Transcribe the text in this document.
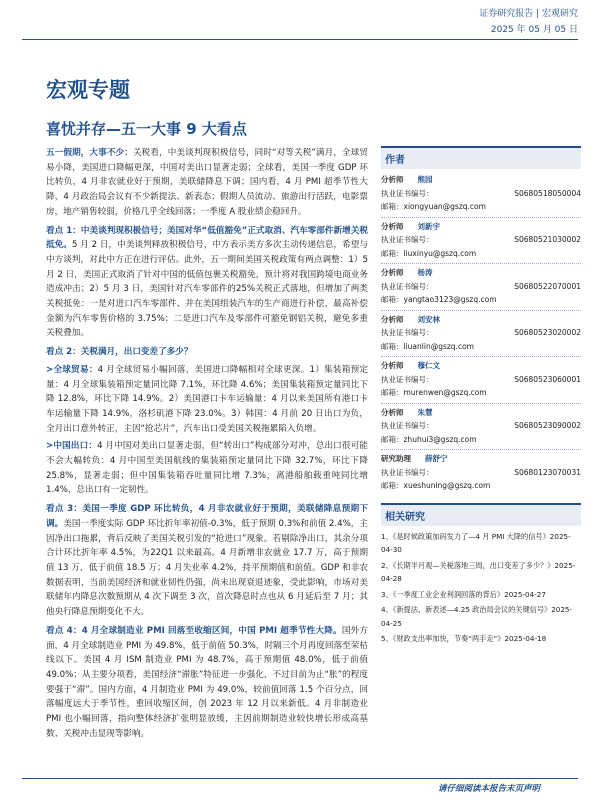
证券研究报告 | 宏观研究
2025 年 05 月 05 日
宏观专题
喜忧并存—五一大事 9 大看点

五一假期，大事不少：关税看，中美谈判现积极信号，同时“对等关税”满月，全球贸易小降，美国进口降幅更深，中国对美出口显著走弱；全球看，美国一季度 GDP 环比转负，4 月非农就业好于预期，美联储降息下调；国内看，4 月 PMI 超季节性大降，4 月政治局会议有不少新提法、新表态；假期人员流动、旅游出行活跃，电影票房，地产销售较弱，价格几乎全线回落；一季度 A 股业绩企稳回升。

看点 1：中美谈判现积极信号；美国对华“低值豁免”正式取消、汽车零部件新增关税抵免。5 月 2 日，中美谈判释放积极信号，中方表示美方多次主动传递信息，希望与中方谈判，对此中方正在进行评估。此外，五一期间美国关税政策有两点调整：1）5 月 2 日，美国正式取消了针对中国的低值包裹关税豁免，预计将对我国跨境电商业务造成冲击；2）5 月 3 日，美国针对汽车零部件的25%关税正式落地，但增加了两类关税抵免：一是对进口汽车零部件、并在美国组装汽车的生产商进行补偿，最高补偿金额为汽车零售价格的 3.75%；二是进口汽车及零部件可豁免钢铝关税，避免多重关税叠加。

看点 2：关税满月，出口变差了多少？

>全球贸易：4 月全球贸易小幅回落，美国进口降幅相对全球更深。1）集装箱预定量：4 月全球集装箱预定量同比降 7.1%，环比降 4.6%；美国集装箱预定量同比下降 12.8%，环比下降 14.9%。2）美国港口卡车运输量：4 月以来美国所有港口卡车运输量下降 14.9%，洛杉矶港下降 23.0%。3）韩国：4 月前 20 日出口为负，全月出口意外转正，主因“抢芯片”，汽车出口受美国关税拖累陷入负增。

>中国出口：4 月中国对美出口显著走弱，但“转出口”构成部分对冲，总出口很可能不会大幅转负：4 月中国至美国航线的集装箱预定量同比下降 32.7%，环比下降 25.8%，显著走弱；但中国集装箱吞吐量同比增 7.3%，离港船舶载重吨同比增 1.4%，总出口有一定韧性。

看点 3：美国一季度 GDP 环比转负，4 月非农就业好于预期，美联储降息预期下调。美国一季度实际 GDP 环比折年率初值-0.3%，低于预期 0.3%和前值 2.4%，主因净出口拖累，背后反映了美国关税引发的“抢进口”现象。若剔除净出口，其余分项合计环比折年率 4.5%，为22Q1 以来最高。4 月新增非农就业 17.7 万，高于预期值 13 万，低于前值 18.5 万；4 月失业率 4.2%，持平预期值和前值。GDP 和非农数据表明，当前美国经济和就业韧性仍强，尚未出现衰退迹象，受此影响，市场对美联储年内降息次数预期从 4 次下调至 3 次，首次降息时点也从 6 月延后至 7 月；其他央行降息预期变化不大。

看点 4：4 月全球制造业 PMI 回落至收缩区间，中国 PMI 超季节性大降。国外方面，4 月全球制造业 PMI 为 49.8%，低于前值 50.3%，时隔三个月再度回落至荣枯线以下。美国 4 月 ISM 制造业 PMI 为 48.7%，高于预期值 48.0%，低于前值 49.0%；从主要分项看，美国经济“滞胀”特征进一步强化，不过目前为止“胀”的程度要强于“滞”。国内方面，4 月制造业 PMI 为 49.0%，较前值回落 1.5 个百分点，回落幅度远大于季节性，重回收缩区间，创 2023 年 12 月以来新低。4 月非制造业 PMI 也小幅回落，指向整体经济扩张明显放缓，主因前期制造业较快增长形成高基数、关税冲击显现等影响。

作者
分析师 熊园
执业证书编号：	S0680518050004
邮箱：xiongyuan@gszq.com
分析师 刘新宇
执业证书编号：	S0680521030002
邮箱：liuxinyu@gszq.com
分析师 杨涛
执业证书编号：	S0680522070001
邮箱：yangtao3123@gszq.com
分析师 刘安林
执业证书编号：	S0680523020002
邮箱：liuanlin@gszq.com
分析师 穆仁文
执业证书编号：	S0680523060001
邮箱：murenwen@gszq.com
分析师 朱慧
执业证书编号：	S0680523090002
邮箱：zhuhui3@gszq.com
研究助理 薛舒宁
执业证书编号：	S0680123070031
邮箱：xueshuning@gszq.com
相关研究
1、《是时候政策加码发力了—4 月 PMI 大降的信号》2025-04-30
2、《长期半月观—关税落地三周，出口变差了多少？》2025-04-28
3、《一季度工业企业利润回落的背后》2025-04-27
4、《新提法、新表述—4.25 政治局会议的关键信号》2025-04-25
5、《财政支出率加快，节奏“两手走”》2025-04-18
请仔细阅读本报告末页声明
